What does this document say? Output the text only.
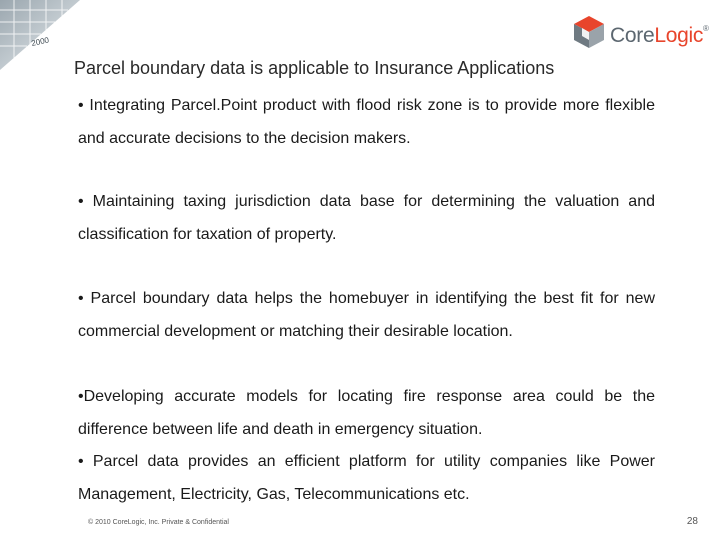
2000	CoreLogic®
Parcel boundary data is applicable to Insurance Applications
• Integrating Parcel.Point product with flood risk zone is to provide more flexible and accurate decisions to the decision makers.
• Maintaining taxing jurisdiction data base for determining the valuation and classification for taxation of property.
• Parcel boundary data helps the homebuyer in identifying the best fit for new commercial development or matching their desirable location.
•Developing accurate models for locating fire response area could be the difference between life and death in emergency situation.
• Parcel data provides an efficient platform for utility companies like Power Management, Electricity, Gas, Telecommunications etc.
© 2010 CoreLogic, Inc. Private & Confidential	28
